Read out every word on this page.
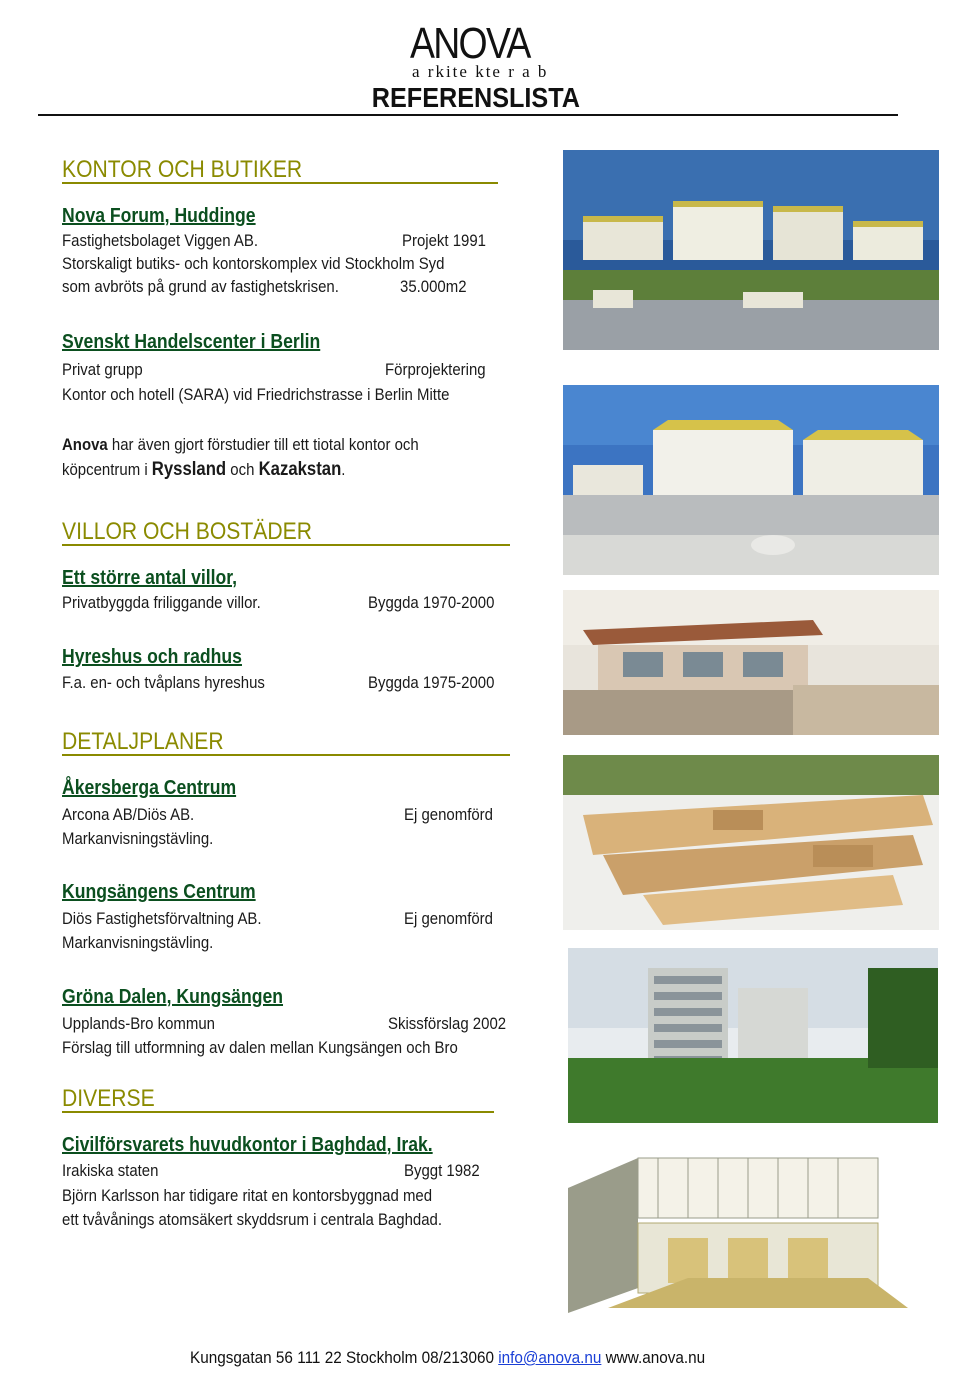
ANOVA
a rkite kte r a b
REFERENSLISTA
KONTOR OCH BUTIKER
Nova Forum, Huddinge
Fastighetsbolaget Viggen AB.	Projekt 1991
Storskaligt butiks- och kontorskomplex vid Stockholm Syd
som avbröts på grund av fastighetskrisen.	35.000m2
Svenskt Handelscenter i Berlin
Privat grupp	Förprojektering
Kontor och hotell (SARA) vid Friedrichstrasse i Berlin Mitte
Anova har även gjort förstudier till ett tiotal kontor och
köpcentrum i Ryssland och Kazakstan.
VILLOR OCH BOSTÄDER
Ett större antal villor,
Privatbyggda friliggande villor.	Byggda 1970-2000
Hyreshus och radhus
F.a. en- och tvåplans hyreshus	Byggda 1975-2000
DETALJPLANER
Åkersberga Centrum
Arcona AB/Diös AB.	Ej genomförd
Markanvisningstävling.
Kungsängens Centrum
Diös Fastighetsförvaltning AB.	Ej genomförd
Markanvisningstävling.
Gröna Dalen, Kungsängen
Upplands-Bro kommun	Skissförslag 2002
Förslag till utformning av dalen mellan Kungsängen och Bro
DIVERSE
Civilförsvarets huvudkontor i Baghdad, Irak.
Irakiska staten	Byggt 1982
Björn Karlsson har tidigare ritat en kontorsbyggnad med
ett tvåvånings atomsäkert skyddsrum i centrala Baghdad.
Kungsgatan 56 111 22 Stockholm 08/213060 info@anova.nu www.anova.nu
